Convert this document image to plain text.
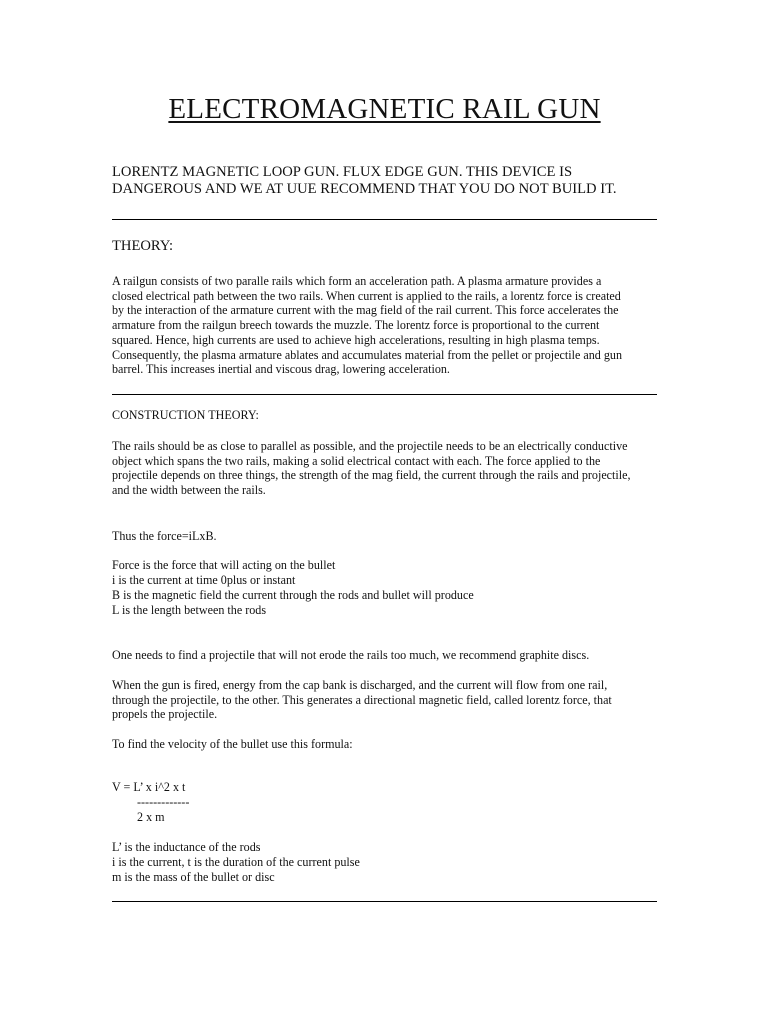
ELECTROMAGNETIC RAIL GUN
LORENTZ MAGNETIC LOOP GUN. FLUX EDGE GUN. THIS DEVICE IS
DANGEROUS AND WE AT UUE RECOMMEND THAT YOU DO NOT BUILD IT.
THEORY:
A railgun consists of two paralle rails which form an acceleration path. A plasma armature provides a
closed electrical path between the two rails. When current is applied to the rails, a lorentz force is created
by the interaction of the armature current with the mag field of the rail current. This force accelerates the
armature from the railgun breech towards the muzzle. The lorentz force is proportional to the current
squared. Hence, high currents are used to achieve high accelerations, resulting in high plasma temps.
Consequently, the plasma armature ablates and accumulates material from the pellet or projectile and gun
barrel. This increases inertial and viscous drag, lowering acceleration.
CONSTRUCTION THEORY:
The rails should be as close to parallel as possible, and the projectile needs to be an electrically conductive
object which spans the two rails, making a solid electrical contact with each. The force applied to the
projectile depends on three things, the strength of the mag field, the current through the rails and projectile,
and the width between the rails.
Thus the force=iLxB.
Force is the force that will acting on the bullet
i is the current at time 0plus or instant
B is the magnetic field the current through the rods and bullet will produce
L is the length between the rods
One needs to find a projectile that will not erode the rails too much, we recommend graphite discs.
When the gun is fired, energy from the cap bank is discharged, and the current will flow from one rail,
through the projectile, to the other. This generates a directional magnetic field, called lorentz force, that
propels the projectile.
To find the velocity of the bullet use this formula:
V = L’ x i^2 x t
-------------
2 x m
L’ is the inductance of the rods
i is the current, t is the duration of the current pulse
m is the mass of the bullet or disc
